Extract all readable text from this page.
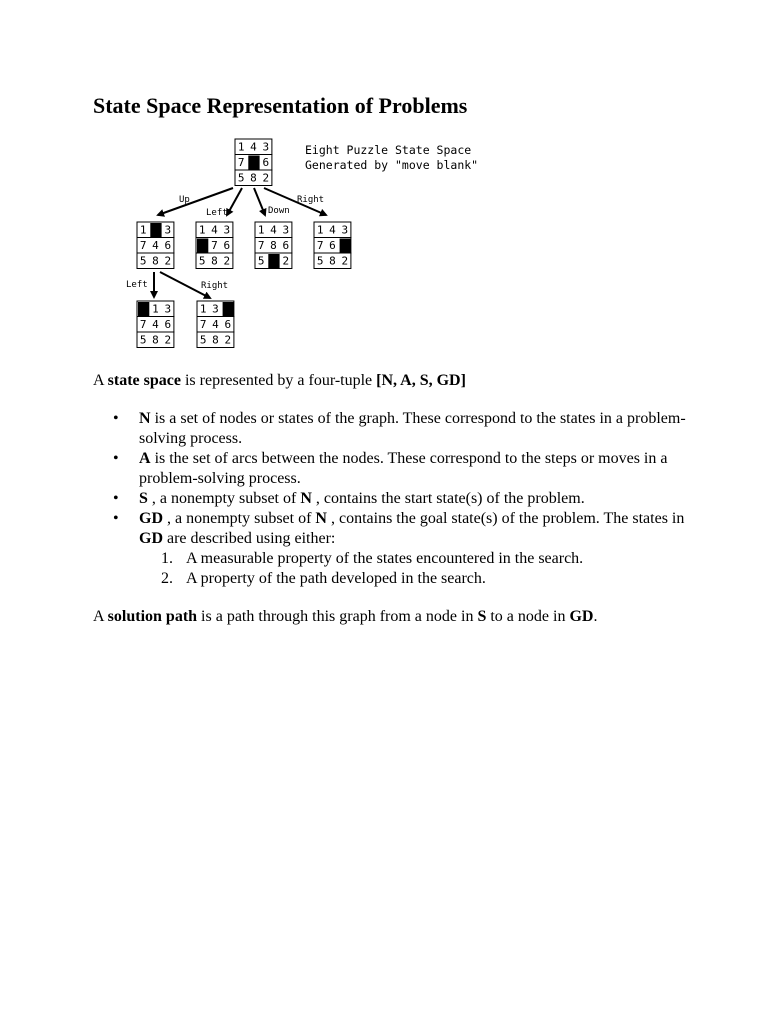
State Space Representation of Problems
Up
Left	Down
Right
Left	Right
Eight Puzzle State Space
Generated by "move blank"
1 4 3
7 6
5 8 2
1 3
7 4 6
5 8 2
1 4 3
7 6
5 8 2
1 4 3
7 8 6
5 2
1 4 3
7 6
5 8 2
1 3
7 4 6
5 8 2
1 3
7 4 6
5 8 2

A state space is represented by a four-tuple [N, A, S, GD]

• N is a set of nodes or states of the graph. These correspond to the states in a problem-solving process.
• A is the set of arcs between the nodes. These correspond to the steps or moves in a problem-solving process.
• S , a nonempty subset of N , contains the start state(s) of the problem.
• GD , a nonempty subset of N , contains the goal state(s) of the problem. The states in GD are described using either:
1. A measurable property of the states encountered in the search.
2. A property of the path developed in the search.

A solution path is a path through this graph from a node in S to a node in GD.
